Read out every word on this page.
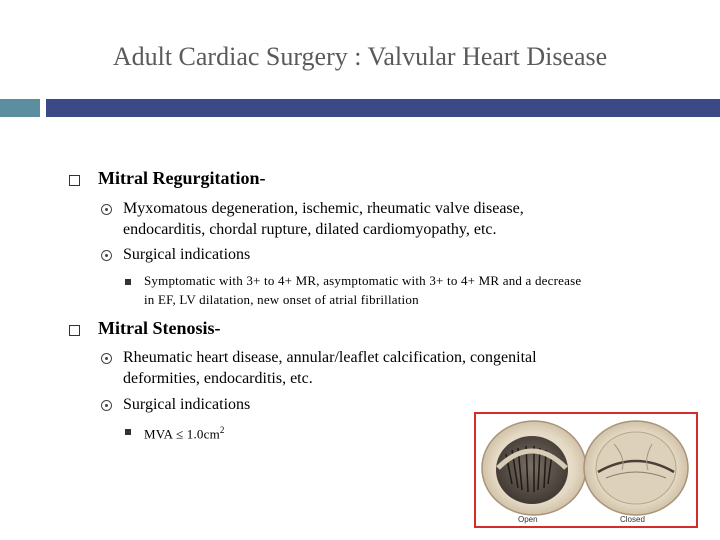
Adult Cardiac Surgery : Valvular Heart Disease
Mitral Regurgitation-
Myxomatous degeneration, ischemic, rheumatic valve disease,
endocarditis, chordal rupture, dilated cardiomyopathy, etc.
Surgical indications
Symptomatic with 3+ to 4+ MR, asymptomatic with 3+ to 4+ MR and a decrease
in EF, LV dilatation, new onset of atrial fibrillation
Mitral Stenosis-
Rheumatic heart disease, annular/leaflet calcification, congenital
deformities, endocarditis, etc.
Surgical indications
MVA ≤ $1.0cm^2$
Open	Closed
